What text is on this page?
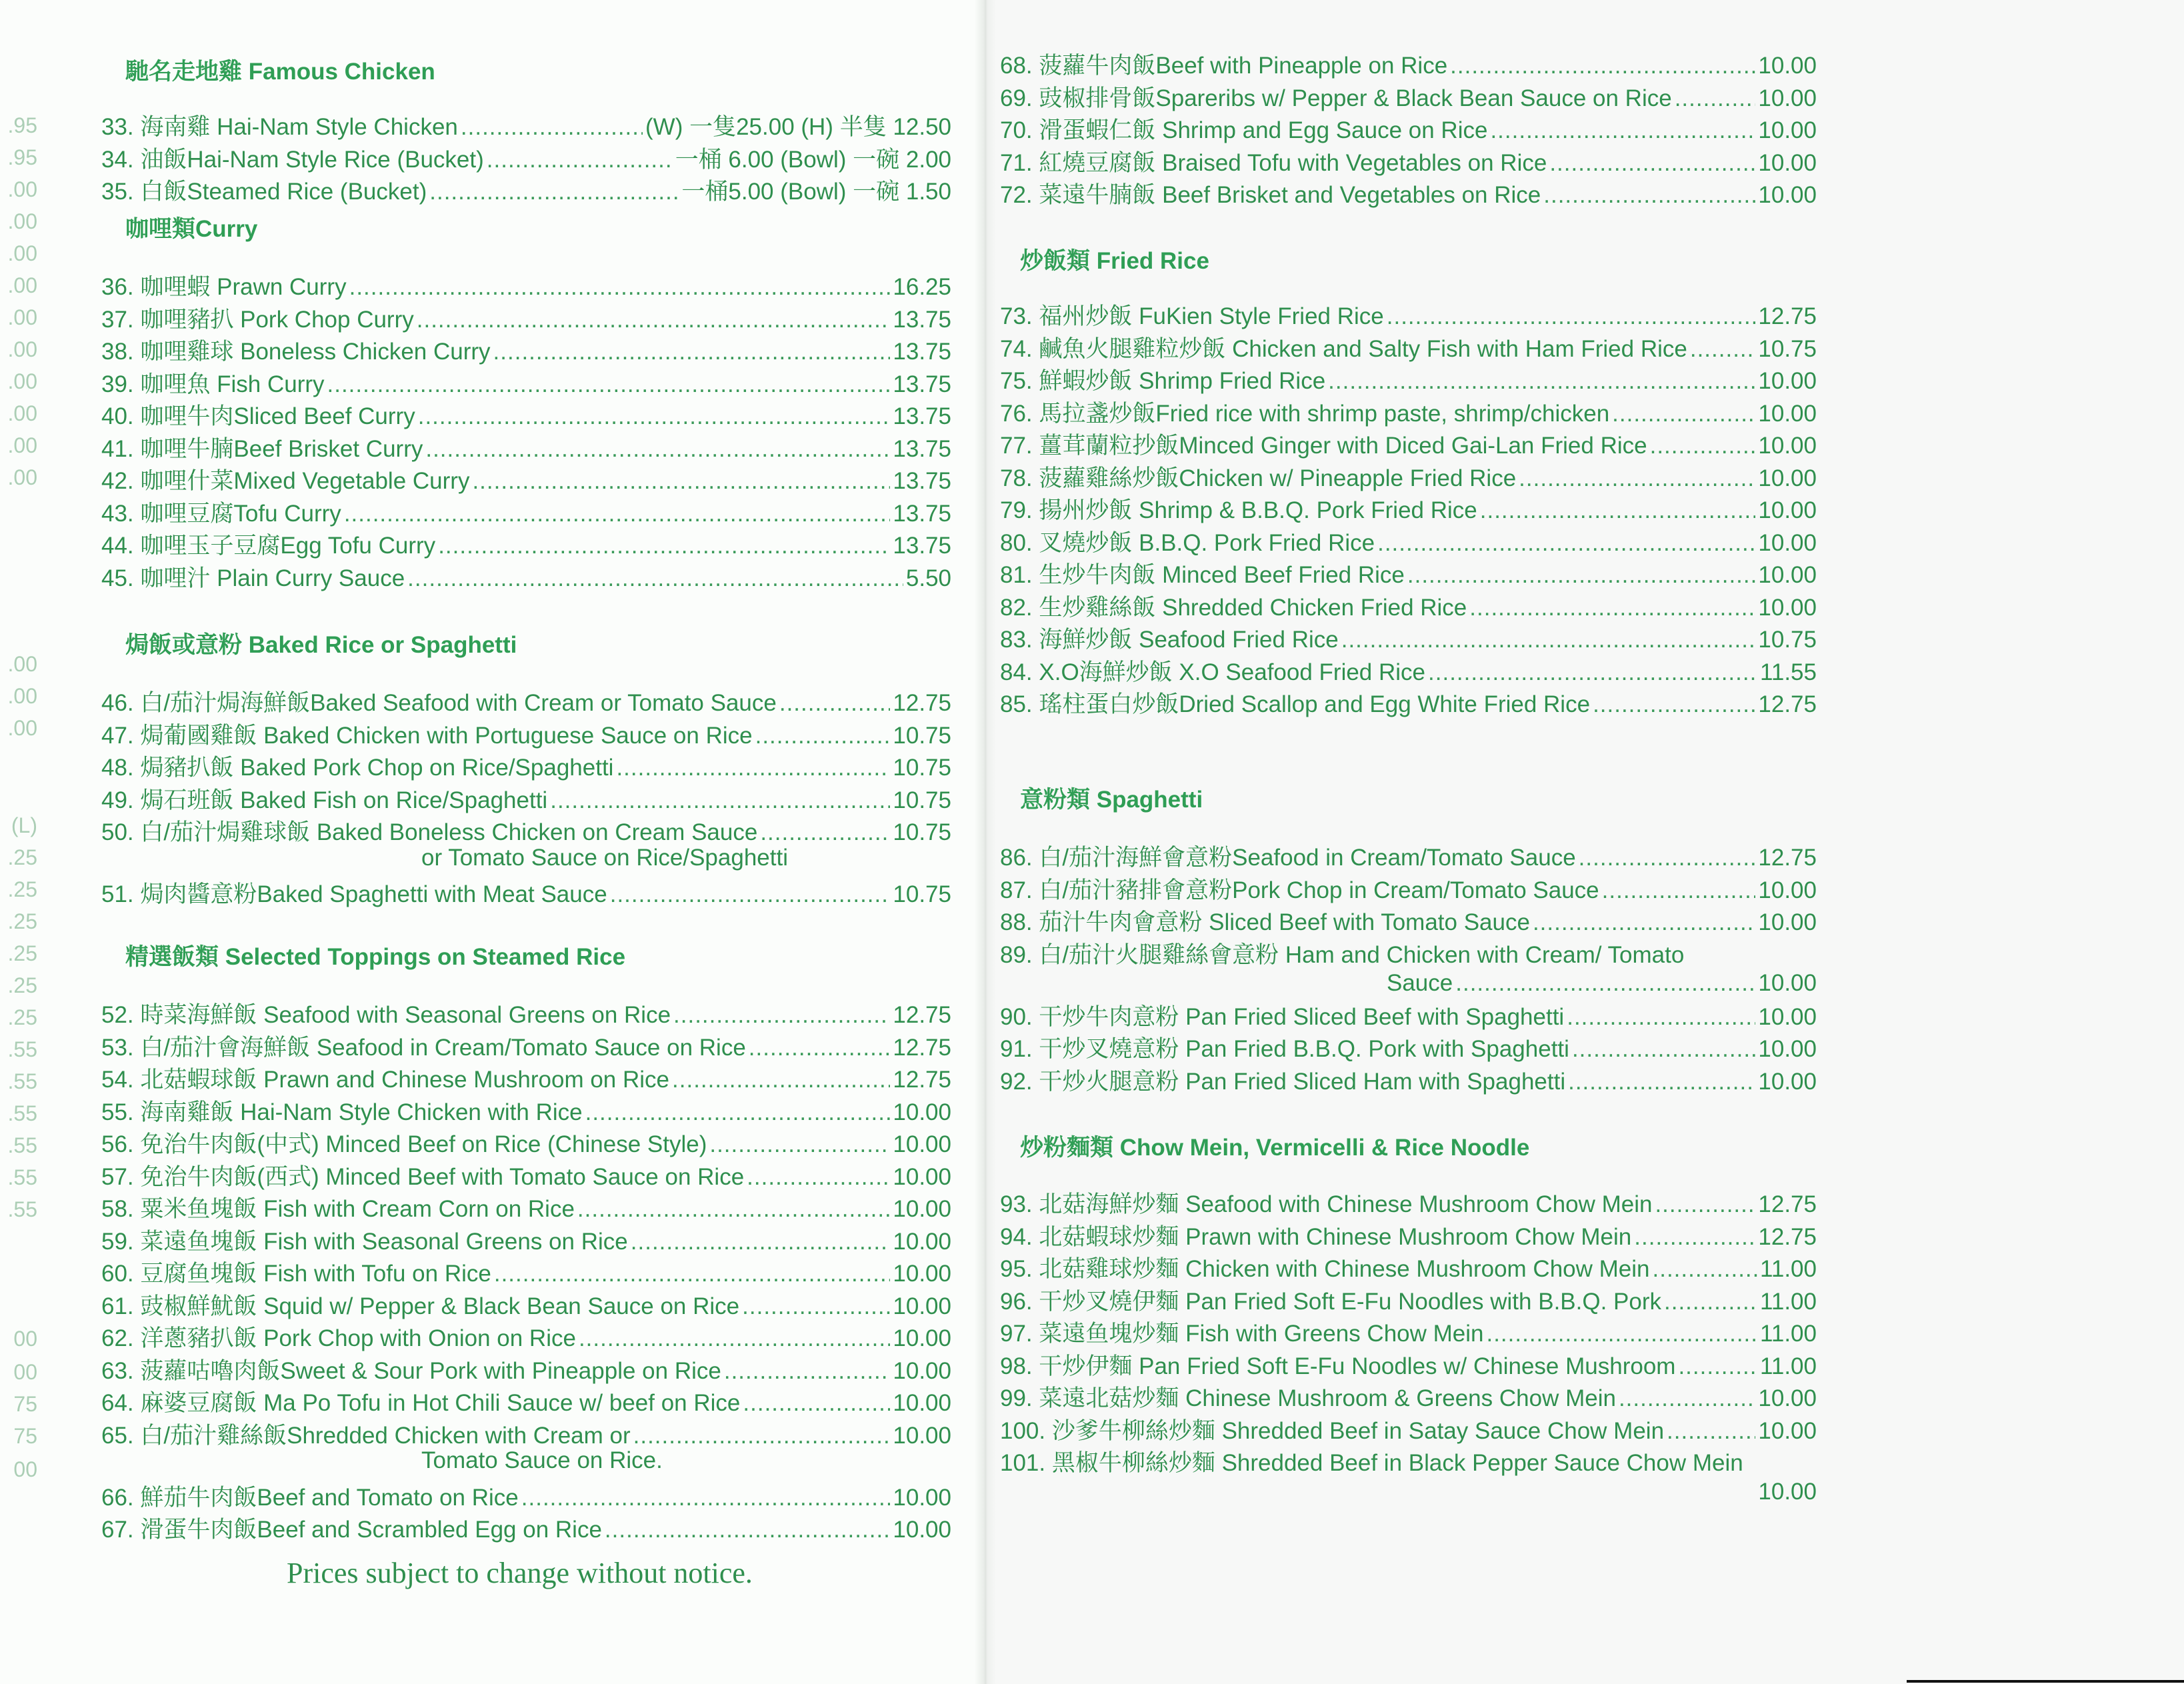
.95
.95
.00
.00
.00
.00
.00
.00
.00
.00
.00
.00
.00
.00
.00
(L)
.25
.25
.25
.25
.25
.25
.55
.55
.55
.55
.55
.55
00
00
75
75
00
馳名走地雞 Famous Chicken
33. 海南雞 Hai-Nam Style Chicken .....	(W) 一隻25.00 (H) 半隻 12.50
34. 油飯Hai-Nam Style Rice (Bucket) .....	一桶 6.00 (Bowl) 一碗 2.00
35. 白飯Steamed Rice (Bucket) .....	一桶5.00 (Bowl) 一碗 1.50
咖哩類Curry
36. 咖哩蝦 Prawn Curry .....	16.25
37. 咖哩豬扒 Pork Chop Curry .....	13.75
38. 咖哩雞球 Boneless Chicken Curry .....	13.75
39. 咖哩魚 Fish Curry .....	13.75
40. 咖哩牛肉Sliced Beef Curry .....	13.75
41. 咖哩牛腩Beef Brisket Curry .....	13.75
42. 咖哩什菜Mixed Vegetable Curry .....	13.75
43. 咖哩豆腐Tofu Curry .....	13.75
44. 咖哩玉子豆腐Egg Tofu Curry .....	13.75
45. 咖哩汁 Plain Curry Sauce .....	5.50
焗飯或意粉 Baked Rice or Spaghetti
46. 白/茄汁焗海鮮飯Baked Seafood with Cream or Tomato Sauce .....	12.75
47. 焗葡國雞飯 Baked Chicken with Portuguese Sauce on Rice .....	10.75
48. 焗豬扒飯 Baked Pork Chop on Rice/Spaghetti .....	10.75
49. 焗石班飯 Baked Fish on Rice/Spaghetti .....	10.75
50. 白/茄汁焗雞球飯 Baked Boneless Chicken on Cream Sauce .....	10.75
or Tomato Sauce on Rice/Spaghetti
51. 焗肉醬意粉Baked Spaghetti with Meat Sauce .....	10.75
精選飯類 Selected Toppings on Steamed Rice
52. 時菜海鮮飯 Seafood with Seasonal Greens on Rice .....	12.75
53. 白/茄汁會海鮮飯 Seafood in Cream/Tomato Sauce on Rice .....	12.75
54. 北菇蝦球飯 Prawn and Chinese Mushroom on Rice .....	12.75
55. 海南雞飯 Hai-Nam Style Chicken with Rice .....	10.00
56. 免治牛肉飯(中式) Minced Beef on Rice (Chinese Style) .....	10.00
57. 免治牛肉飯(西式) Minced Beef with Tomato Sauce on Rice .....	10.00
58. 粟米鱼塊飯 Fish with Cream Corn on Rice .....	10.00
59. 菜遠鱼塊飯 Fish with Seasonal Greens on Rice .....	10.00
60. 豆腐鱼塊飯 Fish with Tofu on Rice .....	10.00
61. 豉椒鮮魷飯 Squid w/ Pepper & Black Bean Sauce on Rice .....	10.00
62. 洋蔥豬扒飯 Pork Chop with Onion on Rice .....	10.00
63. 菠蘿咕嚕肉飯Sweet & Sour Pork with Pineapple on Rice .....	10.00
64. 麻婆豆腐飯 Ma Po Tofu in Hot Chili Sauce w/ beef on Rice .....	10.00
65. 白/茄汁雞絲飯Shredded Chicken with Cream or .....	10.00
Tomato Sauce on Rice.
66. 鮮茄牛肉飯Beef and Tomato on Rice .....	10.00
67. 滑蛋牛肉飯Beef and Scrambled Egg on Rice .....	10.00
68. 菠蘿牛肉飯Beef with Pineapple on Rice .....	10.00
69. 豉椒排骨飯Spareribs w/ Pepper & Black Bean Sauce on Rice .....	10.00
70. 滑蛋蝦仁飯 Shrimp and Egg Sauce on Rice .....	10.00
71. 紅燒豆腐飯 Braised Tofu with Vegetables on Rice .....	10.00
72. 菜遠牛腩飯 Beef Brisket and Vegetables on Rice .....	10.00
炒飯類 Fried Rice
73. 福州炒飯 FuKien Style Fried Rice .....	12.75
74. 鹹魚火腿雞粒炒飯 Chicken and Salty Fish with Ham Fried Rice .....	10.75
75. 鮮蝦炒飯 Shrimp Fried Rice .....	10.00
76. 馬拉盞炒飯Fried rice with shrimp paste, shrimp/chicken .....	10.00
77. 薑茸蘭粒抄飯Minced Ginger with Diced Gai-Lan Fried Rice .....	10.00
78. 菠蘿雞絲炒飯Chicken w/ Pineapple Fried Rice .....	10.00
79. 揚州炒飯 Shrimp & B.B.Q. Pork Fried Rice .....	10.00
80. 叉燒炒飯 B.B.Q. Pork Fried Rice .....	10.00
81. 生炒牛肉飯 Minced Beef Fried Rice .....	10.00
82. 生炒雞絲飯 Shredded Chicken Fried Rice .....	10.00
83. 海鮮炒飯 Seafood Fried Rice .....	10.75
84. X.O海鮮炒飯 X.O Seafood Fried Rice .....	11.55
85. 瑤柱蛋白炒飯Dried Scallop and Egg White Fried Rice .....	12.75
意粉類 Spaghetti
86. 白/茄汁海鮮會意粉Seafood in Cream/Tomato Sauce .....	12.75
87. 白/茄汁豬排會意粉Pork Chop in Cream/Tomato Sauce .....	10.00
88. 茄汁牛肉會意粉 Sliced Beef with Tomato Sauce .....	10.00
89. 白/茄汁火腿雞絲會意粉 Ham and Chicken with Cream/ Tomato
Sauce .....	10.00
90. 干炒牛肉意粉 Pan Fried Sliced Beef with Spaghetti .....	10.00
91. 干炒叉燒意粉 Pan Fried B.B.Q. Pork with Spaghetti .....	10.00
92. 干炒火腿意粉 Pan Fried Sliced Ham with Spaghetti .....	10.00
炒粉麵類 Chow Mein, Vermicelli & Rice Noodle
93. 北菇海鮮炒麵 Seafood with Chinese Mushroom Chow Mein .....	12.75
94. 北菇蝦球炒麵 Prawn with Chinese Mushroom Chow Mein .....	12.75
95. 北菇雞球炒麵 Chicken with Chinese Mushroom Chow Mein .....	11.00
96. 干炒叉燒伊麵 Pan Fried Soft E-Fu Noodles with B.B.Q. Pork .....	11.00
97. 菜遠鱼塊炒麵 Fish with Greens Chow Mein .....	11.00
98. 干炒伊麵 Pan Fried Soft E-Fu Noodles w/ Chinese Mushroom .....	11.00
99. 菜遠北菇炒麵 Chinese Mushroom & Greens Chow Mein .....	10.00
100. 沙爹牛柳絲炒麵 Shredded Beef in Satay Sauce Chow Mein .....	10.00
101. 黑椒牛柳絲炒麵 Shredded Beef in Black Pepper Sauce Chow Mein
10.00
Prices subject to change without notice.
